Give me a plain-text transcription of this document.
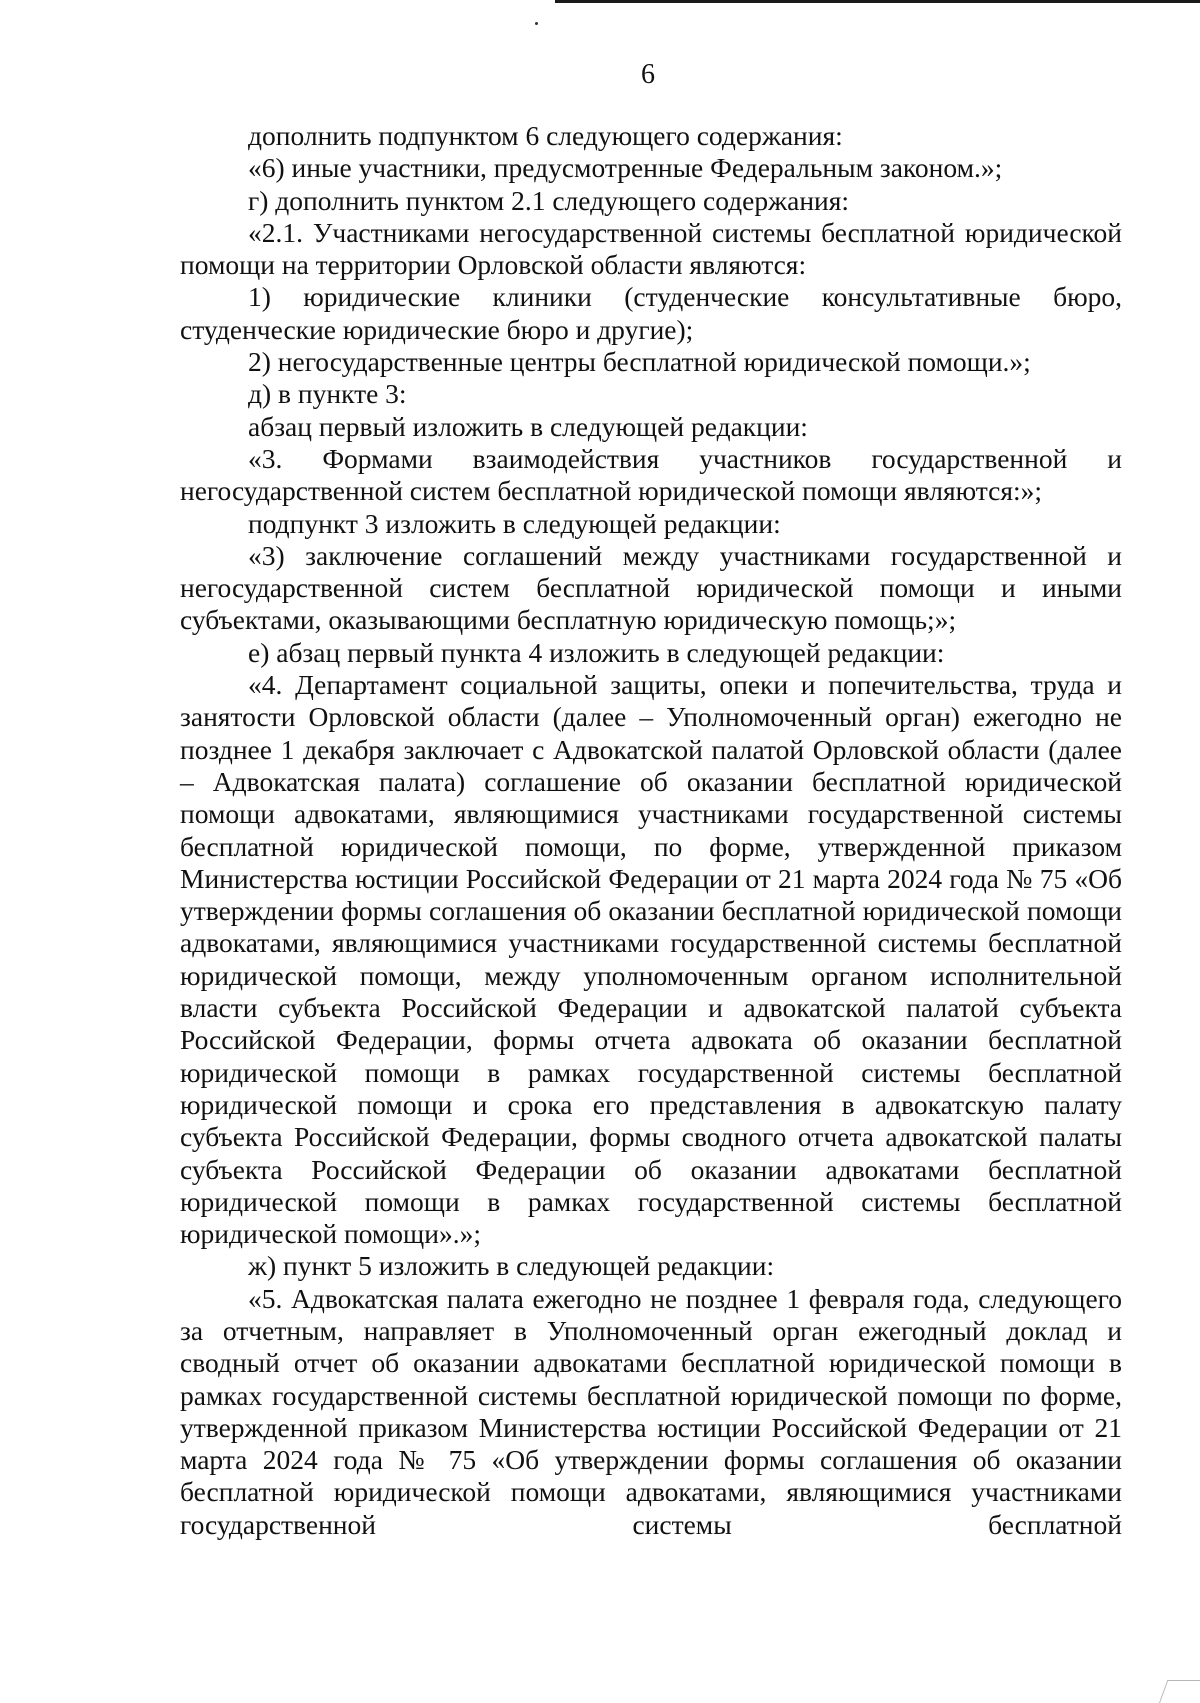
6

дополнить подпунктом 6 следующего содержания:

«6) иные участники, предусмотренные Федеральным законом.»;

г) дополнить пунктом 2.1 следующего содержания:

«2.1. Участниками негосударственной системы бесплатной юридической помощи на территории Орловской области являются:

1) юридические клиники (студенческие консультативные бюро, студенческие юридические бюро и другие);

2) негосударственные центры бесплатной юридической помощи.»;

д) в пункте 3:

абзац первый изложить в следующей редакции:

«3. Формами взаимодействия участников государственной и негосударственной систем бесплатной юридической помощи являются:»;

подпункт 3 изложить в следующей редакции:

«3) заключение соглашений между участниками государственной и негосударственной систем бесплатной юридической помощи и иными субъектами, оказывающими бесплатную юридическую помощь;»;

е) абзац первый пункта 4 изложить в следующей редакции:

«4. Департамент социальной защиты, опеки и попечительства, труда и занятости Орловской области (далее – Уполномоченный орган) ежегодно не позднее 1 декабря заключает с Адвокатской палатой Орловской области (далее – Адвокатская палата) соглашение об оказании бесплатной юридической помощи адвокатами, являющимися участниками государственной системы бесплатной юридической помощи, по форме, утвержденной приказом Министерства юстиции Российской Федерации от 21 марта 2024 года № 75 «Об утверждении формы соглашения об оказании бесплатной юридической помощи адвокатами, являющимися участниками государственной системы бесплатной юридической помощи, между уполномоченным органом исполнительной власти субъекта Российской Федерации и адвокатской палатой субъекта Российской Федерации, формы отчета адвоката об оказании бесплатной юридической помощи в рамках государственной системы бесплатной юридической помощи и срока его представления в адвокатскую палату субъекта Российской Федерации, формы сводного отчета адвокатской палаты субъекта Российской Федерации об оказании адвокатами бесплатной юридической помощи в рамках государственной системы бесплатной юридической помощи».»;

ж) пункт 5 изложить в следующей редакции:

«5. Адвокатская палата ежегодно не позднее 1 февраля года, следующего за отчетным, направляет в Уполномоченный орган ежегодный доклад и сводный отчет об оказании адвокатами бесплатной юридической помощи в рамках государственной системы бесплатной юридической помощи по форме, утвержденной приказом Министерства юстиции Российской Федерации от 21 марта 2024 года № 75 «Об утверждении формы соглашения об оказании бесплатной юридической помощи адвокатами, являющимися участниками государственной системы бесплатной
